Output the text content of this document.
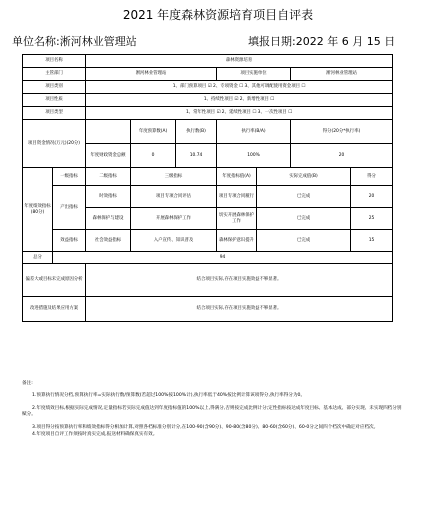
2021 年度森林资源培育项目自评表
单位名称:淅河林业管理站	填报日期:2022 年 6 月 15 日
项目名称		森林资源培育						
主管部门		淅河林业管理站			项目实施单位		淅河林业管理站	
项目类别		1、部门预算项目 ☑ 2、专项资金 ☐ 3、其他可调配使用资金项目 ☐						
项目性质		1、持续性项目 ☑ 2、新增性项目 ☐						
项目类型		1、常年性项目 ☑ 2、延续性项目 ☐ 3、一次性项目 ☐						
项目资金情况(万元)(20分)			年度预算数(A)	执行数(B)	执行率(B/A)		得分(20分*执行率)	
		年度财政资金总额	0	10.74	100%		20	
年度绩效指标(80分)	一级指标	二级指标	三级指标		年度指标值(A)	实际完成值(B)		得分
	产出指标	时效指标	项目专项合同评估		项目专项合同履行	已完成		20
		森林保护与建设	开展森林保护工作		切实开展森林保护工作	已完成		25
	效益指标	社会效益指标	入户宣传、知识普及		森林保护意识提升	已完成		15
总分	94							
偏差大或目标未完成原因分析		结合项目实际,存在项目实施效益不够显著。						
改进措施及结果应用方案		结合项目实际,存在项目实施效益不够显著。						

备注:

1.预算执行情况分档,预算执行率=实际执行数/预算数(若超过100%按100%计),执行率低于40%按比例计算该项得分,执行率得分为0。

2.年度绩效目标,根据实际完成情况,定量指标若实际完成值达到年度指标值的100%以上,得满分,否则按完成比例计分;定性指标按达成年度目标、基本达成、部分实现、未实现四档分别赋分。

3.项目得分按预算执行率和绩效指标得分相加计算,对照各档标准分别计分,在100-90(含90分)、90-80(含80分)、80-60(含60分)、60-0分之间四个档次中确定对应档次。

4.年度项目自评工作须按时真实完成,报送材料确保真实有效。
